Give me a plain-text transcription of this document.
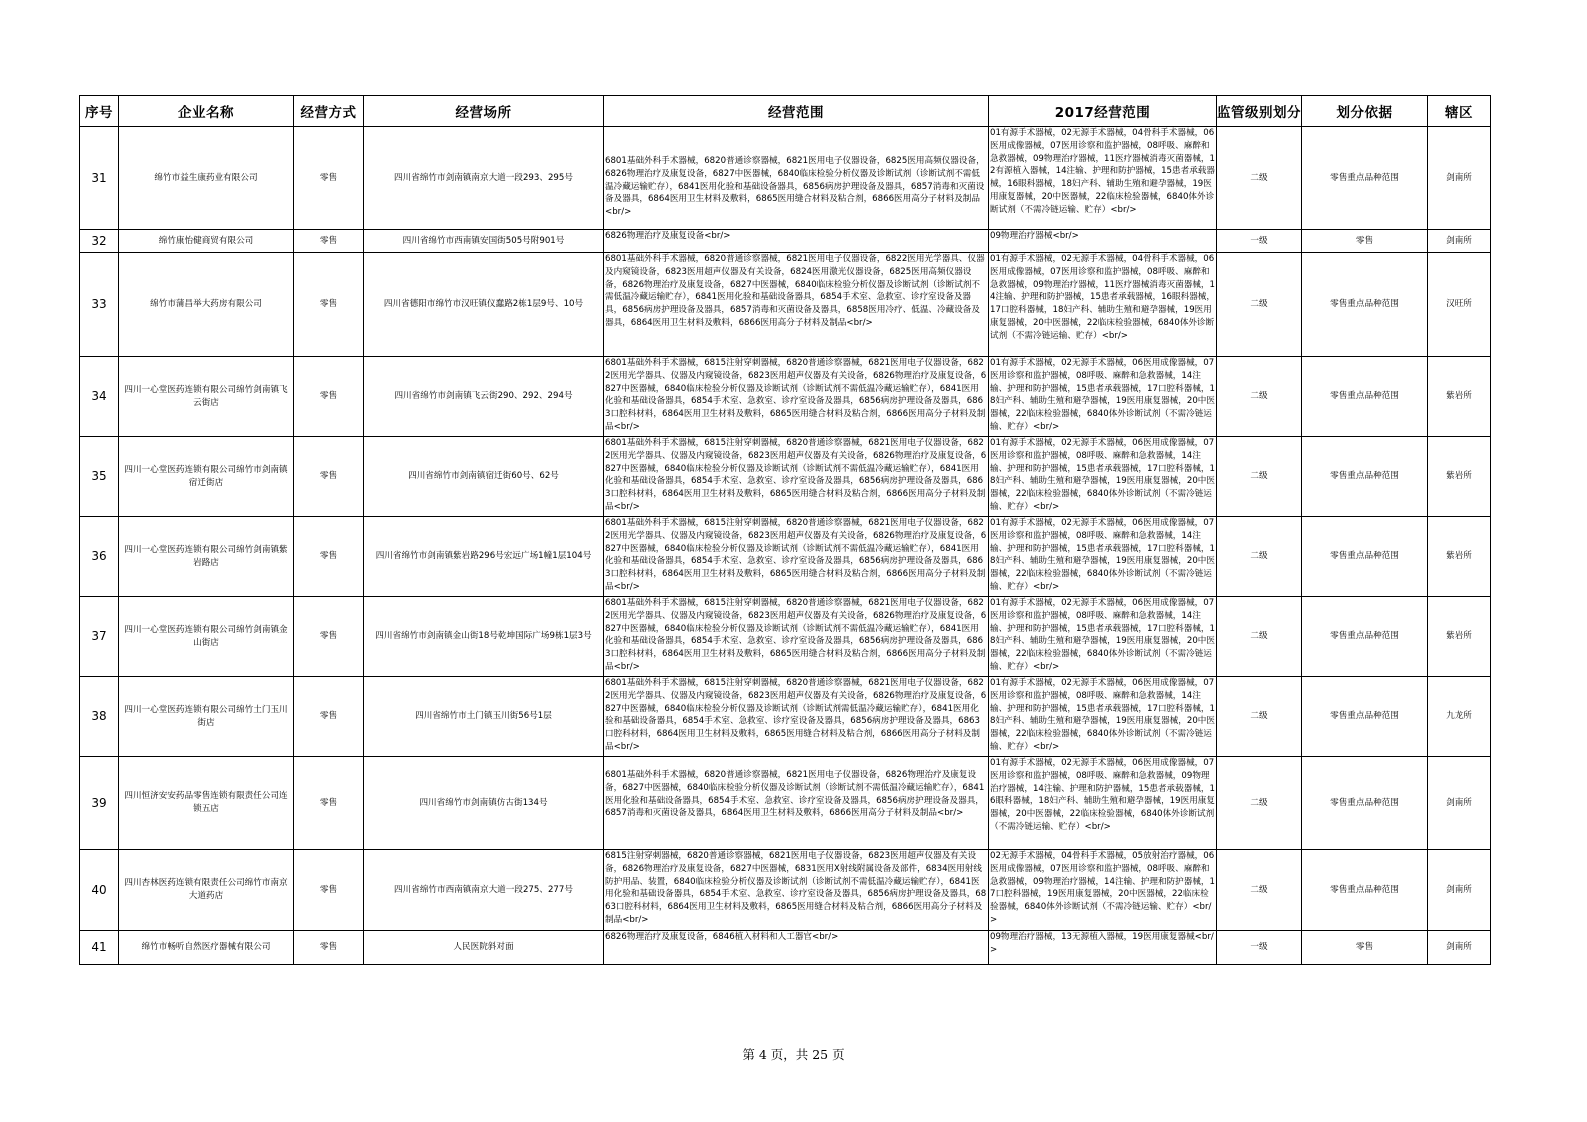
序号	企业名称	经营方式	经营场所	经营范围	2017经营范围	监管级别划分	划分依据	辖区
31	绵竹市益生康药业有限公司	零售	四川省绵竹市剑南镇南京大道一段293、295号	6801基础外科手术器械，6820普通诊察器械，6821医用电子仪器设备，6825医用高频仪器设备，6826物理治疗及康复设备，6827中医器械，6840临床检验分析仪器及诊断试剂（诊断试剂不需低温冷藏运输贮存），6841医用化验和基础设备器具，6856病房护理设备及器具，6857消毒和灭菌设备及器具，6864医用卫生材料及敷料，6865医用缝合材料及粘合剂，6866医用高分子材料及制品<br/>	01有源手术器械，02无源手术器械，04骨科手术器械，06医用成像器械，07医用诊察和监护器械，08呼吸、麻醉和急救器械，09物理治疗器械，11医疗器械消毒灭菌器械，12有源植入器械，14注输、护理和防护器械，15患者承载器械，16眼科器械，18妇产科、辅助生殖和避孕器械，19医用康复器械，20中医器械，22临床检验器械，6840体外诊断试剂（不需冷链运输、贮存）<br/>	二级	零售重点品种范围	剑南所
32	绵竹康怡健商贸有限公司	零售	四川省绵竹市西南镇安国街505号附901号	6826物理治疗及康复设备<br/>	09物理治疗器械<br/>	一级	零售	剑南所
33	绵竹市蒲昌举大药房有限公司	零售	四川省德阳市绵竹市汉旺镇仪蠢路2栋1层9号、10号	6801基础外科手术器械，6820普通诊察器械，6821医用电子仪器设备，6822医用光学器具、仪器及内窥镜设备，6823医用超声仪器及有关设备，6824医用激光仪器设备，6825医用高频仪器设备，6826物理治疗及康复设备，6827中医器械，6840临床检验分析仪器及诊断试剂（诊断试剂不需低温冷藏运输贮存），6841医用化验和基础设备器具，6854手术室、急救室、诊疗室设备及器具，6856病房护理设备及器具，6857消毒和灭菌设备及器具，6858医用冷疗、低温、冷藏设备及器具，6864医用卫生材料及敷料，6866医用高分子材料及制品<br/>	01有源手术器械，02无源手术器械，04骨科手术器械，06医用成像器械，07医用诊察和监护器械，08呼吸、麻醉和急救器械，09物理治疗器械，11医疗器械消毒灭菌器械，14注输、护理和防护器械，15患者承载器械，16眼科器械，17口腔科器械，18妇产科、辅助生殖和避孕器械，19医用康复器械，20中医器械，22临床检验器械，6840体外诊断试剂（不需冷链运输、贮存）<br/>	二级	零售重点品种范围	汉旺所
34	四川一心堂医药连锁有限公司绵竹剑南镇飞云街店	零售	四川省绵竹市剑南镇飞云街290、292、294号	6801基础外科手术器械，6815注射穿刺器械，6820普通诊察器械，6821医用电子仪器设备，6822医用光学器具、仪器及内窥镜设备，6823医用超声仪器及有关设备，6826物理治疗及康复设备，6827中医器械，6840临床检验分析仪器及诊断试剂（诊断试剂不需低温冷藏运输贮存），6841医用化验和基础设备器具，6854手术室、急救室、诊疗室设备及器具，6856病房护理设备及器具，6863口腔科材料，6864医用卫生材料及敷料，6865医用缝合材料及粘合剂，6866医用高分子材料及制品<br/>	01有源手术器械，02无源手术器械，06医用成像器械，07医用诊察和监护器械，08呼吸、麻醉和急救器械，14注输、护理和防护器械，15患者承载器械，17口腔科器械，18妇产科、辅助生殖和避孕器械，19医用康复器械，20中医器械，22临床检验器械，6840体外诊断试剂（不需冷链运输、贮存）<br/>	二级	零售重点品种范围	紫岩所
35	四川一心堂医药连锁有限公司绵竹市剑南镇宿迁街店	零售	四川省绵竹市剑南镇宿迁街60号、62号	6801基础外科手术器械，6815注射穿刺器械，6820普通诊察器械，6821医用电子仪器设备，6822医用光学器具、仪器及内窥镜设备，6823医用超声仪器及有关设备，6826物理治疗及康复设备，6827中医器械，6840临床检验分析仪器及诊断试剂（诊断试剂不需低温冷藏运输贮存），6841医用化验和基础设备器具，6854手术室、急救室、诊疗室设备及器具，6856病房护理设备及器具，6863口腔科材料，6864医用卫生材料及敷料，6865医用缝合材料及粘合剂，6866医用高分子材料及制品<br/>	01有源手术器械，02无源手术器械，06医用成像器械，07医用诊察和监护器械，08呼吸、麻醉和急救器械，14注输、护理和防护器械，15患者承载器械，17口腔科器械，18妇产科、辅助生殖和避孕器械，19医用康复器械，20中医器械，22临床检验器械，6840体外诊断试剂（不需冷链运输、贮存）<br/>	二级	零售重点品种范围	紫岩所
36	四川一心堂医药连锁有限公司绵竹剑南镇紫岩路店	零售	四川省绵竹市剑南镇紫岩路296号宏远广场1幢1层104号	6801基础外科手术器械，6815注射穿刺器械，6820普通诊察器械，6821医用电子仪器设备，6822医用光学器具、仪器及内窥镜设备，6823医用超声仪器及有关设备，6826物理治疗及康复设备，6827中医器械，6840临床检验分析仪器及诊断试剂（诊断试剂不需低温冷藏运输贮存），6841医用化验和基础设备器具，6854手术室、急救室、诊疗室设备及器具，6856病房护理设备及器具，6863口腔科材料，6864医用卫生材料及敷料，6865医用缝合材料及粘合剂，6866医用高分子材料及制品<br/>	01有源手术器械，02无源手术器械，06医用成像器械，07医用诊察和监护器械，08呼吸、麻醉和急救器械，14注输、护理和防护器械，15患者承载器械，17口腔科器械，18妇产科、辅助生殖和避孕器械，19医用康复器械，20中医器械，22临床检验器械，6840体外诊断试剂（不需冷链运输、贮存）<br/>	二级	零售重点品种范围	紫岩所
37	四川一心堂医药连锁有限公司绵竹剑南镇金山街店	零售	四川省绵竹市剑南镇金山街18号乾坤国际广场9栋1层3号	6801基础外科手术器械，6815注射穿刺器械，6820普通诊察器械，6821医用电子仪器设备，6822医用光学器具、仪器及内窥镜设备，6823医用超声仪器及有关设备，6826物理治疗及康复设备，6827中医器械，6840临床检验分析仪器及诊断试剂（诊断试剂不需低温冷藏运输贮存），6841医用化验和基础设备器具，6854手术室、急救室、诊疗室设备及器具，6856病房护理设备及器具，6863口腔科材料，6864医用卫生材料及敷料，6865医用缝合材料及粘合剂，6866医用高分子材料及制品<br/>	01有源手术器械，02无源手术器械，06医用成像器械，07医用诊察和监护器械，08呼吸、麻醉和急救器械，14注输、护理和防护器械，15患者承载器械，17口腔科器械，18妇产科、辅助生殖和避孕器械，19医用康复器械，20中医器械，22临床检验器械，6840体外诊断试剂（不需冷链运输、贮存）<br/>	二级	零售重点品种范围	紫岩所
38	四川一心堂医药连锁有限公司绵竹土门玉川街店	零售	四川省绵竹市土门镇玉川街56号1层	6801基础外科手术器械，6815注射穿刺器械，6820普通诊察器械，6821医用电子仪器设备，6822医用光学器具、仪器及内窥镜设备，6823医用超声仪器及有关设备，6826物理治疗及康复设备，6827中医器械，6840临床检验分析仪器及诊断试剂（诊断试剂需低温冷藏运输贮存），6841医用化验和基础设备器具，6854手术室、急救室、诊疗室设备及器具，6856病房护理设备及器具，6863口腔科材料，6864医用卫生材料及敷料，6865医用缝合材料及粘合剂，6866医用高分子材料及制品<br/>	01有源手术器械，02无源手术器械，06医用成像器械，07医用诊察和监护器械，08呼吸、麻醉和急救器械，14注输、护理和防护器械，15患者承载器械，17口腔科器械，18妇产科、辅助生殖和避孕器械，19医用康复器械，20中医器械，22临床检验器械，6840体外诊断试剂（不需冷链运输、贮存）<br/>	二级	零售重点品种范围	九龙所
39	四川恒济安安药品零售连锁有限责任公司连锁五店	零售	四川省绵竹市剑南镇仿古街134号	6801基础外科手术器械，6820普通诊察器械，6821医用电子仪器设备，6826物理治疗及康复设备，6827中医器械，6840临床检验分析仪器及诊断试剂（诊断试剂不需低温冷藏运输贮存），6841医用化验和基础设备器具，6854手术室、急救室、诊疗室设备及器具，6856病房护理设备及器具，6857消毒和灭菌设备及器具，6864医用卫生材料及敷料，6866医用高分子材料及制品<br/>	01有源手术器械，02无源手术器械，06医用成像器械，07医用诊察和监护器械，08呼吸、麻醉和急救器械，09物理治疗器械，14注输、护理和防护器械，15患者承载器械，16眼科器械，18妇产科、辅助生殖和避孕器械，19医用康复器械，20中医器械，22临床检验器械，6840体外诊断试剂（不需冷链运输、贮存）<br/>	二级	零售重点品种范围	剑南所
40	四川杏林医药连锁有限责任公司绵竹市南京大道药店	零售	四川省绵竹市西南镇南京大道一段275、277号	6815注射穿刺器械，6820普通诊察器械，6821医用电子仪器设备，6823医用超声仪器及有关设备，6826物理治疗及康复设备，6827中医器械，6831医用X射线附属设备及部件，6834医用射线防护用品、装置，6840临床检验分析仪器及诊断试剂（诊断试剂不需低温冷藏运输贮存），6841医用化验和基础设备器具，6854手术室、急救室、诊疗室设备及器具，6856病房护理设备及器具，6863口腔科材料，6864医用卫生材料及敷料，6865医用缝合材料及粘合剂，6866医用高分子材料及制品<br/>	02无源手术器械，04骨科手术器械，05放射治疗器械，06医用成像器械，07医用诊察和监护器械，08呼吸、麻醉和急救器械，09物理治疗器械，14注输、护理和防护器械，17口腔科器械，19医用康复器械，20中医器械，22临床检验器械，6840体外诊断试剂（不需冷链运输、贮存）<br/>	二级	零售重点品种范围	剑南所
41	绵竹市畅听自然医疗器械有限公司	零售	人民医院斜对面	6826物理治疗及康复设备，6846植入材料和人工器官<br/>	09物理治疗器械，13无源植入器械，19医用康复器械<br/>	一级	零售	剑南所
第 4 页，共 25 页
